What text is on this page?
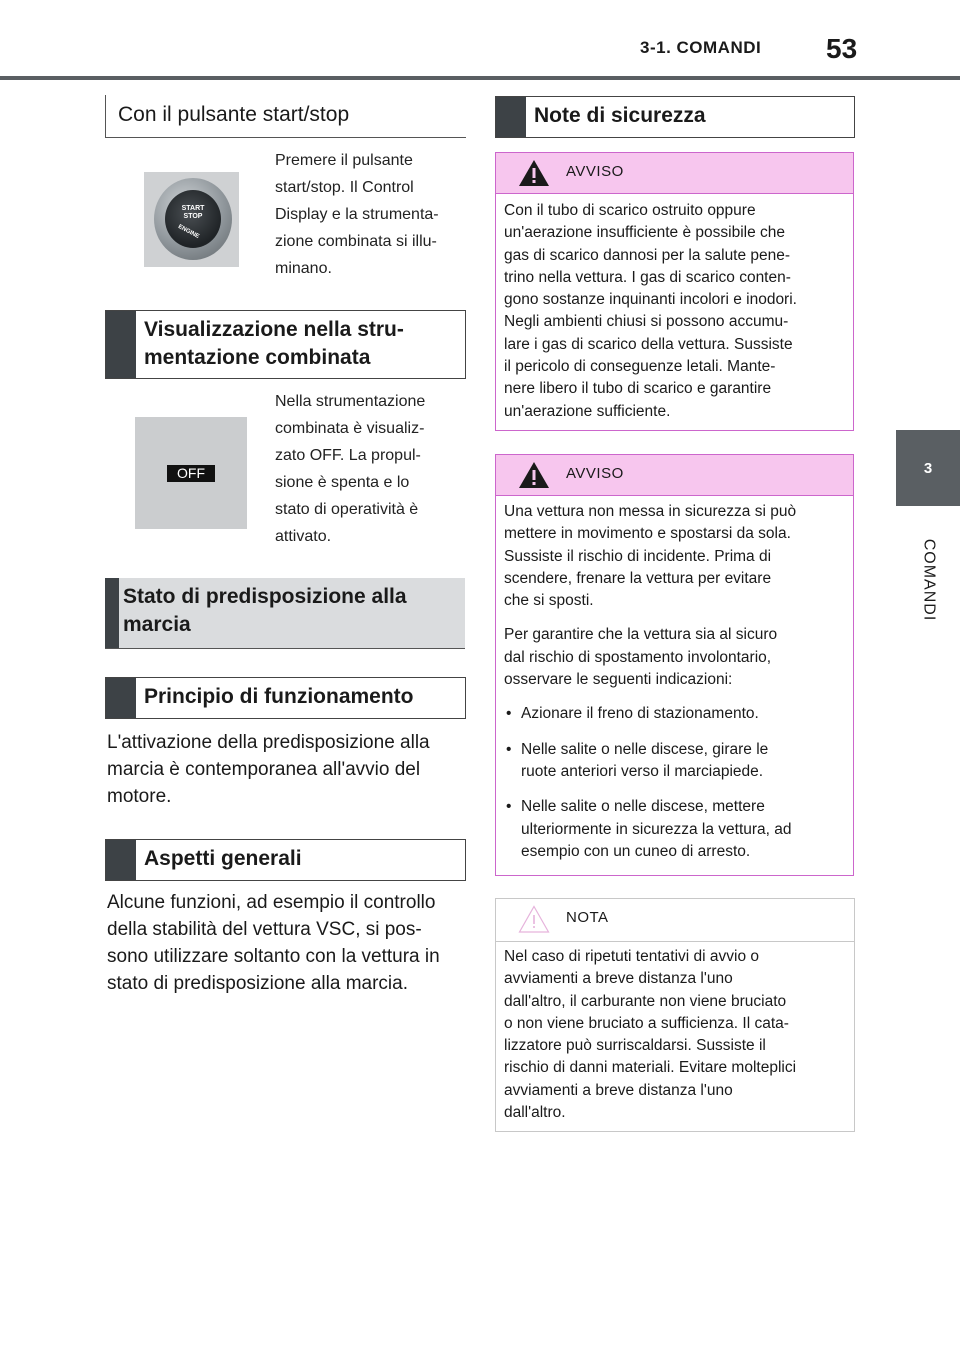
3-1. COMANDI 53
3
COMANDI
Con il pulsante start/stop
START
STOP
ENGINE
Premere il pulsante
start/stop. Il Control
Display e la strumenta-
zione combinata si illu-
minano.
Visualizzazione nella stru-
mentazione combinata
OFF
Nella strumentazione
combinata è visualiz-
zato OFF. La propul-
sione è spenta e lo
stato di operatività è
attivato.
Stato di predisposizione alla
marcia
Principio di funzionamento
L'attivazione della predisposizione alla
marcia è contemporanea all'avvio del
motore.
Aspetti generali
Alcune funzioni, ad esempio il controllo
della stabilità del vettura VSC, si pos-
sono utilizzare soltanto con la vettura in
stato di predisposizione alla marcia.
Note di sicurezza
AVVISO
Con il tubo di scarico ostruito oppure
un'aerazione insufficiente è possibile che
gas di scarico dannosi per la salute pene-
trino nella vettura. I gas di scarico conten-
gono sostanze inquinanti incolori e inodori.
Negli ambienti chiusi si possono accumu-
lare i gas di scarico della vettura. Sussiste
il pericolo di conseguenze letali. Mante-
nere libero il tubo di scarico e garantire
un'aerazione sufficiente.
AVVISO
Una vettura non messa in sicurezza si può
mettere in movimento e spostarsi da sola.
Sussiste il rischio di incidente. Prima di
scendere, frenare la vettura per evitare
che si sposti.
Per garantire che la vettura sia al sicuro
dal rischio di spostamento involontario,
osservare le seguenti indicazioni:
• Azionare il freno di stazionamento.
• Nelle salite o nelle discese, girare le
ruote anteriori verso il marciapiede.
• Nelle salite o nelle discese, mettere
ulteriormente in sicurezza la vettura, ad
esempio con un cuneo di arresto.
NOTA
Nel caso di ripetuti tentativi di avvio o
avviamenti a breve distanza l'uno
dall'altro, il carburante non viene bruciato
o non viene bruciato a sufficienza. Il cata-
lizzatore può surriscaldarsi. Sussiste il
rischio di danni materiali. Evitare molteplici
avviamenti a breve distanza l'uno
dall'altro.
